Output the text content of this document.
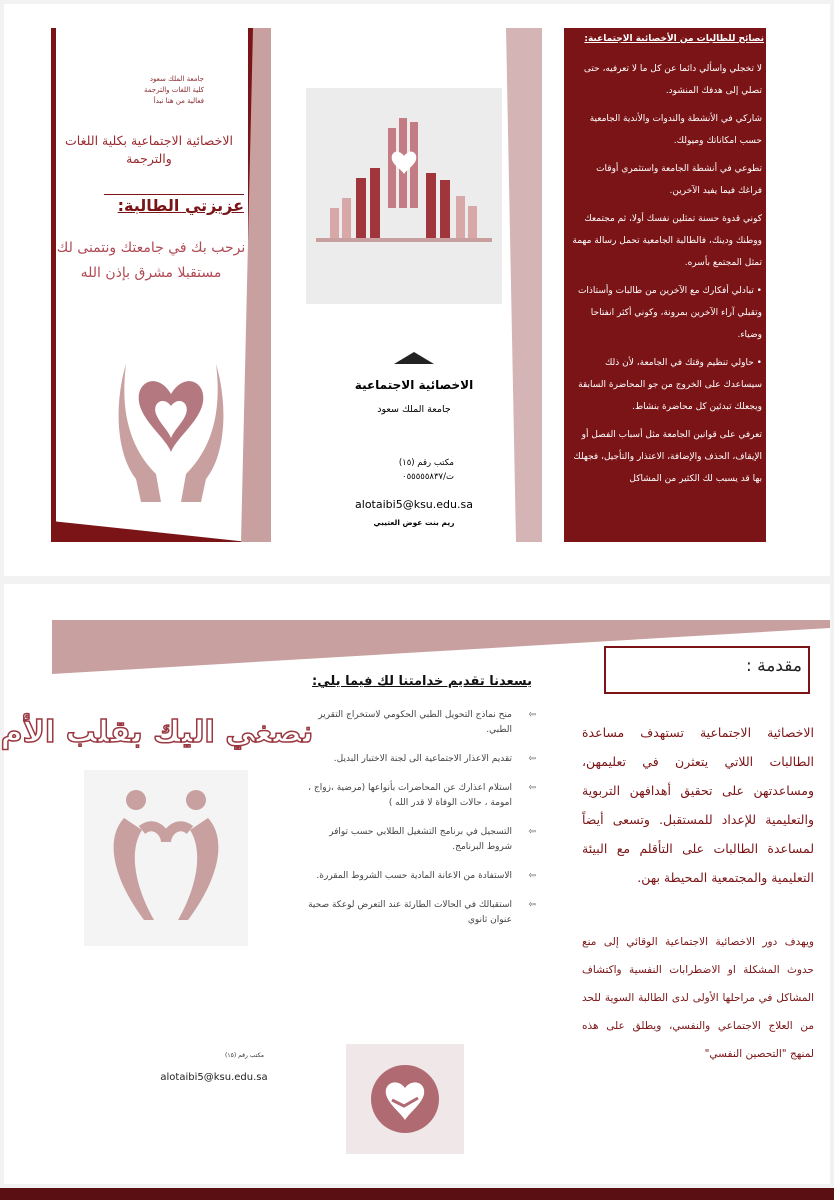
جامعة الملك سعود
كلية اللغات والترجمة
فعالية من هنا نبدأ
الاخصائية الاجتماعية بكلية اللغات والترجمة
عزيزتي الطالبة:
نرحب بك في جامعتك ونتمنى لك مستقبلا مشرق بإذن الله
الاخصائية الاجتماعية
جامعة الملك سعود
مكتب رقم (١٥)
ت/٠٥٥٥٥٥٨٣٧
alotaibi5@ksu.edu.sa
ريم بنت عوض العتيبي
نصائح للطالبات من الأخصائية الاجتماعية:
لا تخجلي واسألي دائما عن كل ما لا تعرفيه، حتى تصلي إلى هدفك المنشود.
شاركي في الأنشطة والندوات والأندية الجامعية حسب امكاناتك وميولك.
تطوعي في أنشطة الجامعة واستثمري أوقات فراغك فيما يفيد الآخرين.
كوني قدوة حسنة تمثلين نفسك أولا، ثم مجتمعك ووطنك ودينك، فالطالبة الجامعية تحمل رسالة مهمة تمثل المجتمع بأسره.
• تبادلي أفكارك مع الآخرين من طالبات وأستاذات وتقبلي آراء الآخرين بمرونة، وكوني أكثر انفتاحا وضياء.
• حاولي تنظيم وقتك في الجامعة، لأن ذلك سيساعدك على الخروج من جو المحاضرة السابقة ويجعلك تبدئين كل محاضرة بنشاط.
تعرفي على قوانين الجامعة مثل أسباب الفصل أو الإيقاف، الحذف والإضافة، الاعتذار والتأجيل، فجهلك بها قد يسبب لك الكثير من المشاكل
مقدمة :
الاخصائية الاجتماعية تستهدف مساعدة الطالبات اللاتي يتعثرن في تعليمهن، ومساعدتهن على تحقيق أهدافهن التربوية والتعليمية للإعداد للمستقبل. وتسعى أيضاً لمساعدة الطالبات على التأقلم مع البيئة التعليمية والمجتمعية المحيطة بهن.
ويهدف دور الاخصائية الاجتماعية الوقائي إلى منع حدوث المشكلة او الاضطرابات النفسية واكتشاف المشاكل في مراحلها الأولى لدى الطالبة السوية للحد من العلاج الاجتماعي والنفسي، ويطلق على هذه لمنهج "التحصين النفسي"
يسعدنا تقديم خدامتنا لك فيما يلي:
⇦
منح نماذج التحويل الطبي الحكومي لاستخراج التقرير الطبي.
⇦
تقديم الاعذار الاجتماعية الى لجنة الاختبار البديل.
⇦
استلام اعذارك عن المحاضرات بأنواعها (مرضية ،زواج ، امومة ، حالات الوفاة لا قدر الله )
⇦
التسجيل في برنامج التشغيل الطلابي حسب توافر شروط البرنامج.
⇦
الاستفادة من الاعانة المادية حسب الشروط المقررة.
⇦
استقبالك في الحالات الطارئة عند التعرض لوعكة صحية عنوان ثانوي
نصغي اليك بقلب الأم
مكتب رقم (١٥)
alotaibi5@ksu.edu.sa
